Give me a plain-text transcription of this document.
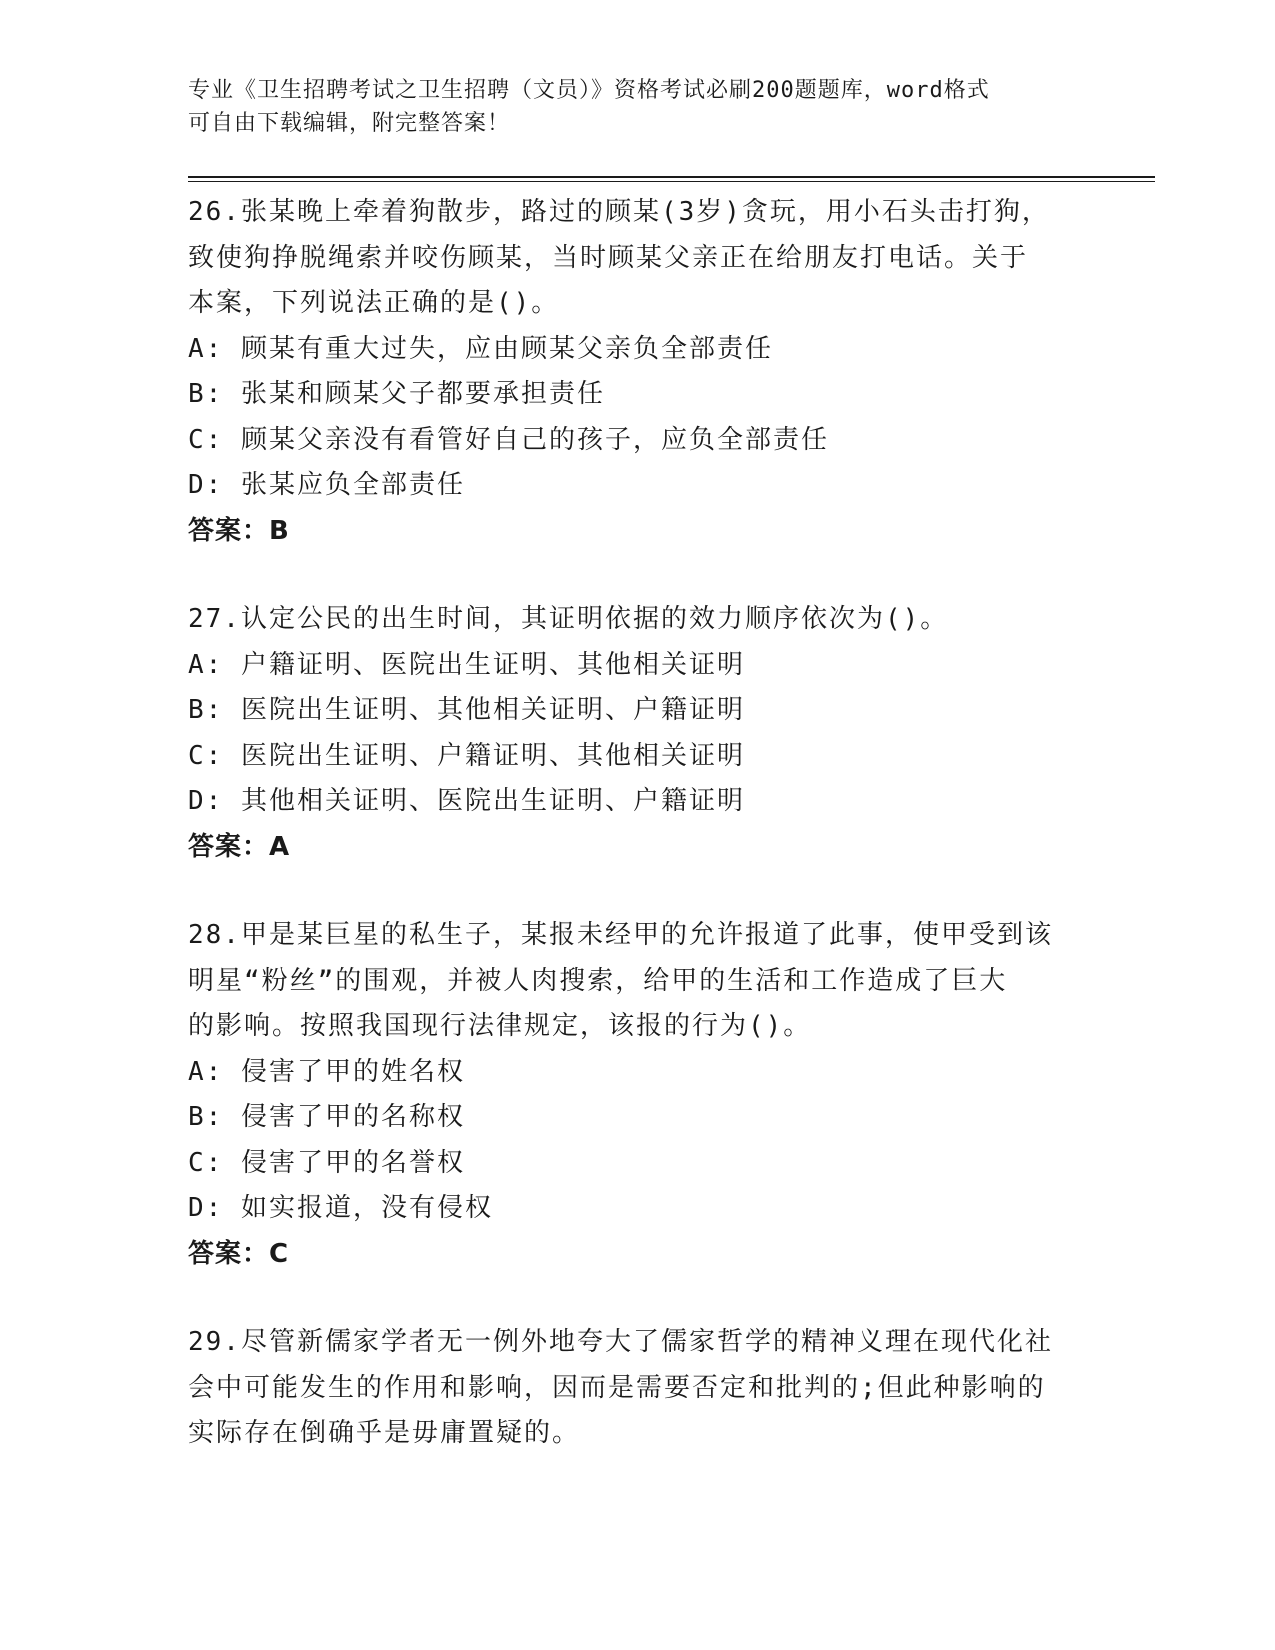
专业《卫生招聘考试之卫生招聘（文员）》资格考试必刷200题题库，word格式
可自由下载编辑，附完整答案！
26.张某晚上牵着狗散步，路过的顾某(3岁)贪玩，用小石头击打狗，
致使狗挣脱绳索并咬伤顾某，当时顾某父亲正在给朋友打电话。关于
本案，下列说法正确的是()。
A: 顾某有重大过失，应由顾某父亲负全部责任
B: 张某和顾某父子都要承担责任
C: 顾某父亲没有看管好自己的孩子，应负全部责任
D: 张某应负全部责任
答案：B
27.认定公民的出生时间，其证明依据的效力顺序依次为()。
A: 户籍证明、医院出生证明、其他相关证明
B: 医院出生证明、其他相关证明、户籍证明
C: 医院出生证明、户籍证明、其他相关证明
D: 其他相关证明、医院出生证明、户籍证明
答案：A
28.甲是某巨星的私生子，某报未经甲的允许报道了此事，使甲受到该
明星“粉丝”的围观，并被人肉搜索，给甲的生活和工作造成了巨大
的影响。按照我国现行法律规定，该报的行为()。
A: 侵害了甲的姓名权
B: 侵害了甲的名称权
C: 侵害了甲的名誉权
D: 如实报道，没有侵权
答案：C
29.尽管新儒家学者无一例外地夸大了儒家哲学的精神义理在现代化社
会中可能发生的作用和影响，因而是需要否定和批判的;但此种影响的
实际存在倒确乎是毋庸置疑的。
